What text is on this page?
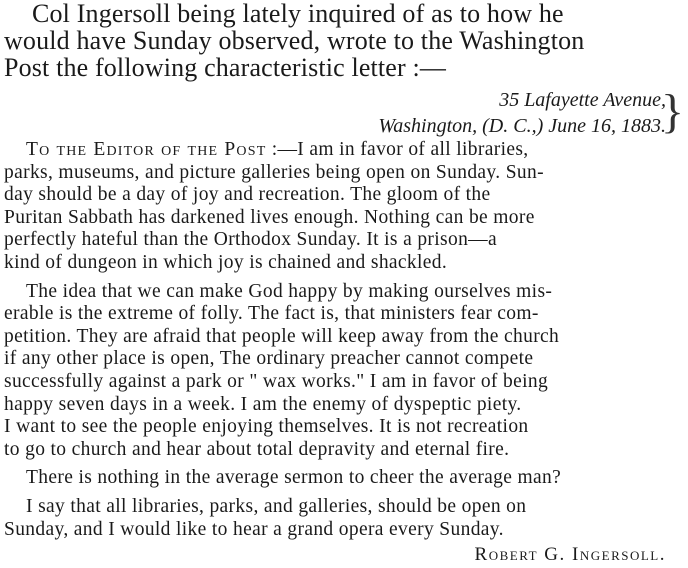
Col Ingersoll being lately inquired of as to how he
would have Sunday observed, wrote to the Washington
Post the following characteristic letter :—
35 Lafayette Avenue,
Washington, (D. C.,) June 16, 1883.
}
To the Editor of the Post :—I am in favor of all libraries,
parks, museums, and picture galleries being open on Sunday. Sun-
day should be a day of joy and recreation. The gloom of the
Puritan Sabbath has darkened lives enough. Nothing can be more
perfectly hateful than the Orthodox Sunday. It is a prison—a
kind of dungeon in which joy is chained and shackled.
The idea that we can make God happy by making ourselves mis-
erable is the extreme of folly. The fact is, that ministers fear com-
petition. They are afraid that people will keep away from the church
if any other place is open, The ordinary preacher cannot compete
successfully against a park or " wax works." I am in favor of being
happy seven days in a week. I am the enemy of dyspeptic piety.
I want to see the people enjoying themselves. It is not recreation
to go to church and hear about total depravity and eternal fire.
There is nothing in the average sermon to cheer the average man?
I say that all libraries, parks, and galleries, should be open on
Sunday, and I would like to hear a grand opera every Sunday.
Robert G. Ingersoll.
